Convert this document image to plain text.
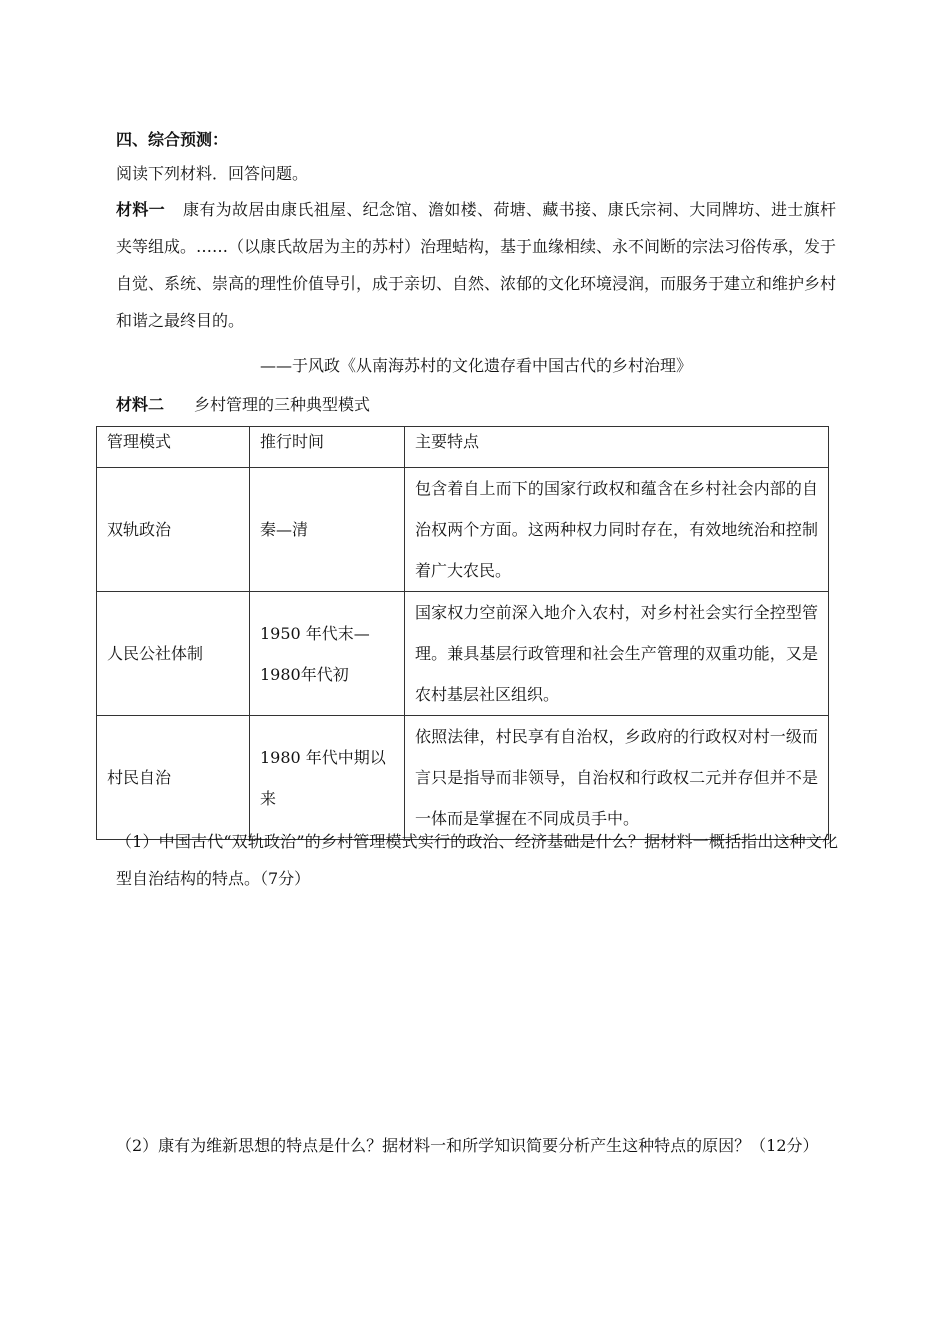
四、综合预测：
阅读下列材料．回答问题。
材料一 康有为故居由康氏祖屋、纪念馆、澹如楼、荷塘、藏书接、康氏宗祠、大同牌坊、进士旗杆夹等组成。……（以康氏故居为主的苏村）治理蛣构，基于血缘相续、永不间断的宗法习俗传承，发于自觉、系统、崇高的理性价值导引，成于亲切、自然、浓郁的文化环境浸润，而服务于建立和维护乡村和谐之最终目的。
——于风政《从南海苏村的文化遗存看中国古代的乡村治理》
材料二 乡村管理的三种典型模式
管理模式	推行时间	主要特点
双轨政治	秦—清	包含着自上而下的国家行政权和蕴含在乡村社会内部的自治权两个方面。这两种权力同时存在，有效地统治和控制着广大农民。
人民公社体制	1950 年代末—1980年代初	国家权力空前深入地介入农村，对乡村社会实行全控型管理。兼具基层行政管理和社会生产管理的双重功能，又是农村基层社区组织。
村民自治	1980 年代中期以来	依照法律，村民享有自治权，乡政府的行政权对村一级而言只是指导而非领导，自治权和行政权二元并存但并不是一体而是掌握在不同成员手中。
（1）中国古代“双轨政治”的乡村管理模式实行的政治、经济基础是什么？据材料一概括指出这种文化型自治结构的特点。（7分）
（2）康有为维新思想的特点是什么？据材料一和所学知识简要分析产生这种特点的原因？（12分）
